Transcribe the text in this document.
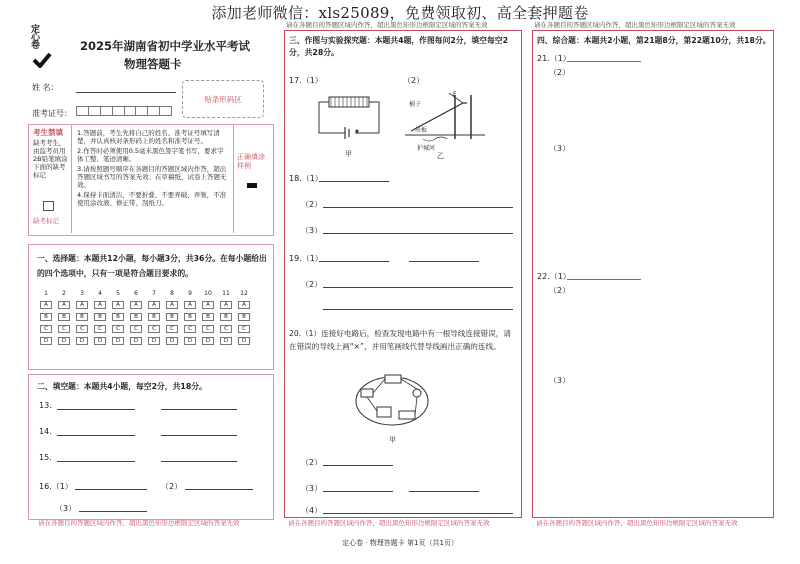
添加老师微信：xls25089，免费领取初、高全套押题卷
定心卷	2025年湖南省初中学业水平考试
物理答题卡
姓 名：
准考证号：
贴条形码区
考生禁填
缺考考生，由监考员用2B铅笔填涂下面的缺考标记
缺考标记
1.答题前，考生先将自己的姓名、准考证号填写清楚，并认真核对条形码上的姓名和准考证号。
2.作答时必须使用0.5毫米黑色签字笔书写，要求字体工整、笔迹清晰。
3.请按照题号顺序在各题目的答题区域内作答，超出答题区域书写的答案无效；在草稿纸、试卷上答题无效。
4.保持卡面清洁，不要折叠、不要弄破、弄皱，不准使用涂改液、修正带、刮纸刀。
正确填涂样例
一、选择题：本题共12小题，每小题3分，共36分。在每小题给出的四个选项中，只有一项是符合题目要求的。
1	2	3	4	5	6	7	8	9	10	11	12
A	A	A	A	A	A	A	A	A	A	A	A
B	B	B	B	B	B	B	B	B	B	B	B
C	C	C	C	C	C	C	C	C	C	C	C
D	D	D	D	D	D	D	D	D	D	D	D
二、填空题：本题共4小题，每空2分，共18分。
13.
14.
15.
16.（1）	（2）
（3）
请在各题目的答题区域内作答，超出黑色矩形边框限定区域的答案无效
请在各题目的答题区域内作答，超出黑色矩形边框限定区域的答案无效
三、作图与实验探究题：本题共4题，作图每问2分，填空每空2分，共28分。
17.（1）	（2）
甲
桶子
吊板
护城河
F
乙
18.（1）
（2）
（3）
19.（1）
（2）
20.（1）连接好电路后，检查发现电路中有一根导线连接错误，请在错误的导线上画“×”，并用笔画线代替导线画出正确的连线。
甲
（2）
（3）
（4）
请在各题目的答题区域内作答，超出黑色矩形边框限定区域的答案无效
请在各题目的答题区域内作答，超出黑色矩形边框限定区域的答案无效
四、综合题：本题共2小题，第21题8分，第22题10分，共18分。
21.（1）
（2）
（3）
22.（1）
（2）
（3）
请在各题目的答题区域内作答，超出黑色矩形边框限定区域的答案无效
定心卷 · 物理答题卡 第1页（共1页）
